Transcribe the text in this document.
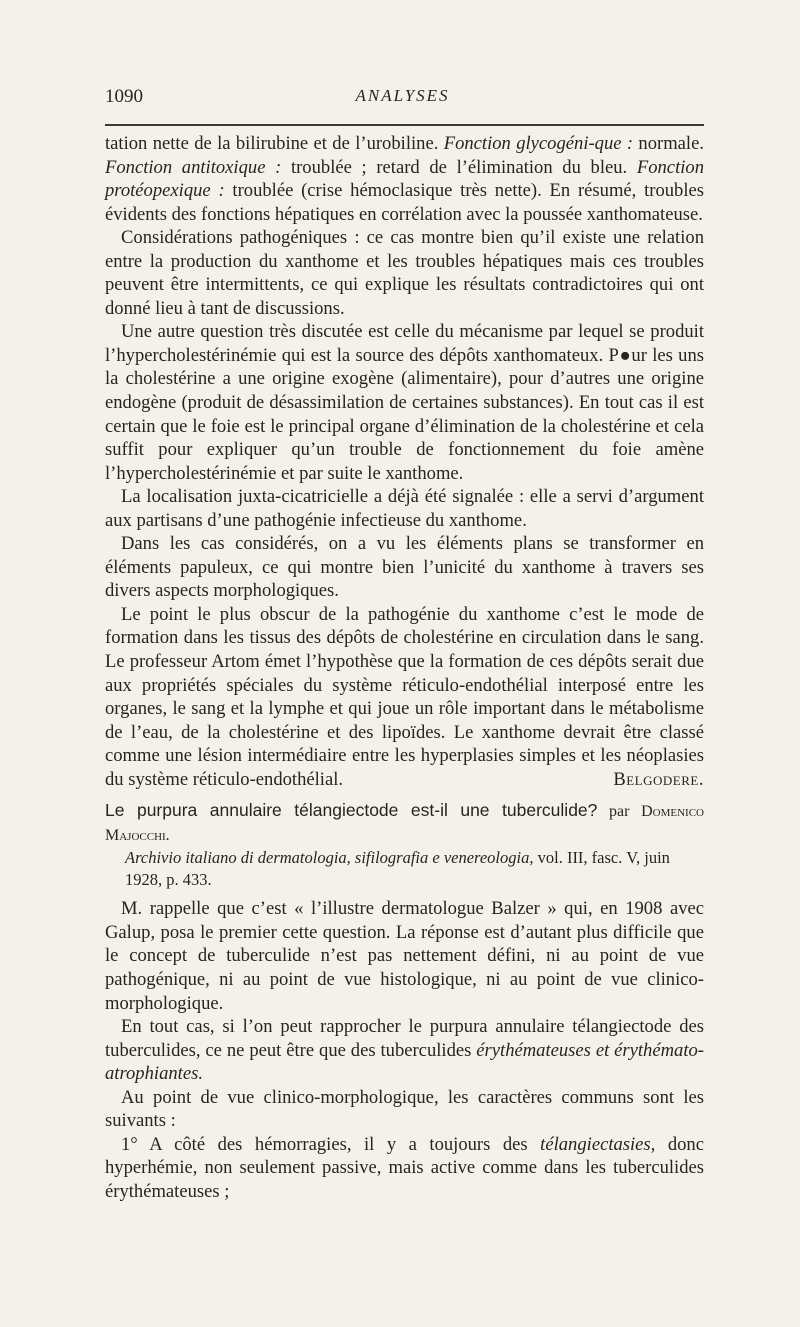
1090	ANALYSES

tation nette de la bilirubine et de l’urobiline. Fonction glycogéni-que : normale. Fonction antitoxique : troublée ; retard de l’élimination du bleu. Fonction protéopexique : troublée (crise hémoclasique très nette). En résumé, troubles évidents des fonctions hépatiques en corrélation avec la poussée xanthomateuse.

Considérations pathogéniques : ce cas montre bien qu’il existe une relation entre la production du xanthome et les troubles hépatiques mais ces troubles peuvent être intermittents, ce qui explique les résultats contradictoires qui ont donné lieu à tant de discussions.

Une autre question très discutée est celle du mécanisme par lequel se produit l’hypercholestérinémie qui est la source des dépôts xanthomateux. P●ur les uns la cholestérine a une origine exogène (alimentaire), pour d’autres une origine endogène (produit de désassimilation de certaines substances). En tout cas il est certain que le foie est le principal organe d’élimination de la cholestérine et cela suffit pour expliquer qu’un trouble de fonctionnement du foie amène l’hypercholestérinémie et par suite le xanthome.

La localisation juxta-cicatricielle a déjà été signalée : elle a servi d’argument aux partisans d’une pathogénie infectieuse du xanthome.

Dans les cas considérés, on a vu les éléments plans se transformer en éléments papuleux, ce qui montre bien l’unicité du xanthome à travers ses divers aspects morphologiques.

Le point le plus obscur de la pathogénie du xanthome c’est le mode de formation dans les tissus des dépôts de cholestérine en circulation dans le sang. Le professeur Artom émet l’hypothèse que la formation de ces dépôts serait due aux propriétés spéciales du système réticulo-endothélial interposé entre les organes, le sang et la lymphe et qui joue un rôle important dans le métabolisme de l’eau, de la cholestérine et des lipoïdes. Le xanthome devrait être classé comme une lésion intermédiaire entre les hyperplasies simples et les néoplasies du système réticulo-endothélial.	Belgodere.

Le purpura annulaire télangiectode est-il une tuberculide? par Domenico Majocchi.
Archivio italiano di dermatologia, sifilografia e venereologia, vol. III, fasc. V, juin 1928, p. 433.

M. rappelle que c’est « l’illustre dermatologue Balzer » qui, en 1908 avec Galup, posa le premier cette question. La réponse est d’autant plus difficile que le concept de tuberculide n’est pas nettement défini, ni au point de vue pathogénique, ni au point de vue histologique, ni au point de vue clinico-morphologique.

En tout cas, si l’on peut rapprocher le purpura annulaire télangiectode des tuberculides, ce ne peut être que des tuberculides érythémateuses et érythémato-atrophiantes.

Au point de vue clinico-morphologique, les caractères communs sont les suivants :

1° A côté des hémorragies, il y a toujours des télangiectasies, donc hyperhémie, non seulement passive, mais active comme dans les tuberculides érythémateuses ;
